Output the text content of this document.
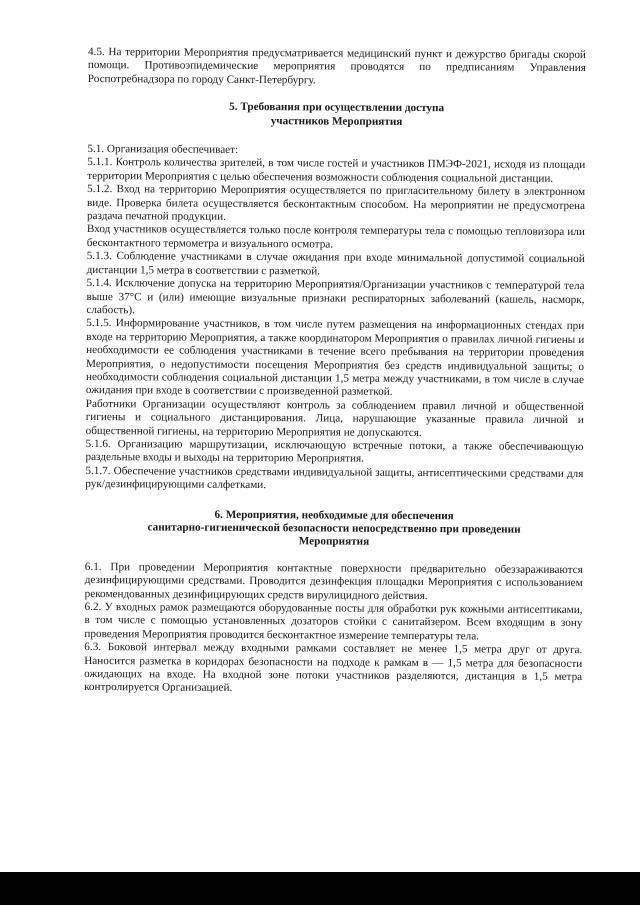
4.5. На территории Мероприятия предусматривается медицинский пункт и дежурство бригады скорой помощи. Противоэпидемические мероприятия проводятся по предписаниям Управления Роспотребнадзора по городу Санкт-Петербургу.

5. Требования при осуществлении доступа
участников Мероприятия

5.1. Организация обеспечивает:

5.1.1. Контроль количества зрителей, в том числе гостей и участников ПМЭФ-2021, исходя из площади территории Мероприятия с целью обеспечения возможности соблюдения социальной дистанции.

5.1.2. Вход на территорию Мероприятия осуществляется по пригласительному билету в электронном виде. Проверка билета осуществляется бесконтактным способом. На мероприятии не предусмотрена раздача печатной продукции.

Вход участников осуществляется только после контроля температуры тела с помощью тепловизора или бесконтактного термометра и визуального осмотра.

5.1.3. Соблюдение участниками в случае ожидания при входе минимальной допустимой социальной дистанции 1,5 метра в соответствии с разметкой.

5.1.4. Исключение допуска на территорию Мероприятия/Организации участников с температурой тела выше 37°С и (или) имеющие визуальные признаки респираторных заболеваний (кашель, насморк, слабость).

5.1.5. Информирование участников, в том числе путем размещения на информационных стендах при входе на территорию Мероприятия, а также координатором Мероприятия о правилах личной гигиены и необходимости ее соблюдения участниками в течение всего пребывания на территории проведения Мероприятия, о недопустимости посещения Мероприятия без средств индивидуальной защиты; о необходимости соблюдения социальной дистанции 1,5 метра между участниками, в том числе в случае ожидания при входе в соответствии с произведенной разметкой.

Работники Организации осуществляют контроль за соблюдением правил личной и общественной гигиены и социального дистанцирования. Лица, нарушающие указанные правила личной и общественной гигиены, на территорию Мероприятия не допускаются.

5.1.6. Организацию маршрутизации, исключающую встречные потоки, а также обеспечивающую раздельные входы и выходы на территорию Мероприятия.

5.1.7. Обеспечение участников средствами индивидуальной защиты, антисептическими средствами для рук/дезинфицирующими салфетками.

6. Мероприятия, необходимые для обеспечения
санитарно-гигиенической безопасности непосредственно при проведении
Мероприятия

6.1. При проведении Мероприятия контактные поверхности предварительно обеззараживаются дезинфицирующими средствами. Проводится дезинфекция площадки Мероприятия с использованием рекомендованных дезинфицирующих средств вирулицидного действия.

6.2. У входных рамок размещаются оборудованные посты для обработки рук кожными антисептиками, в том числе с помощью установленных дозаторов стойки с санитайзером. Всем входящим в зону проведения Мероприятия проводится бесконтактное измерение температуры тела.

6.3. Боковой интервал между входными рамками составляет не менее 1,5 метра друг от друга. Наносится разметка в коридорах безопасности на подходе к рамкам в — 1,5 метра для безопасности ожидающих на входе. На входной зоне потоки участников разделяются, дистанция в 1,5 метра контролируется Организацией.
